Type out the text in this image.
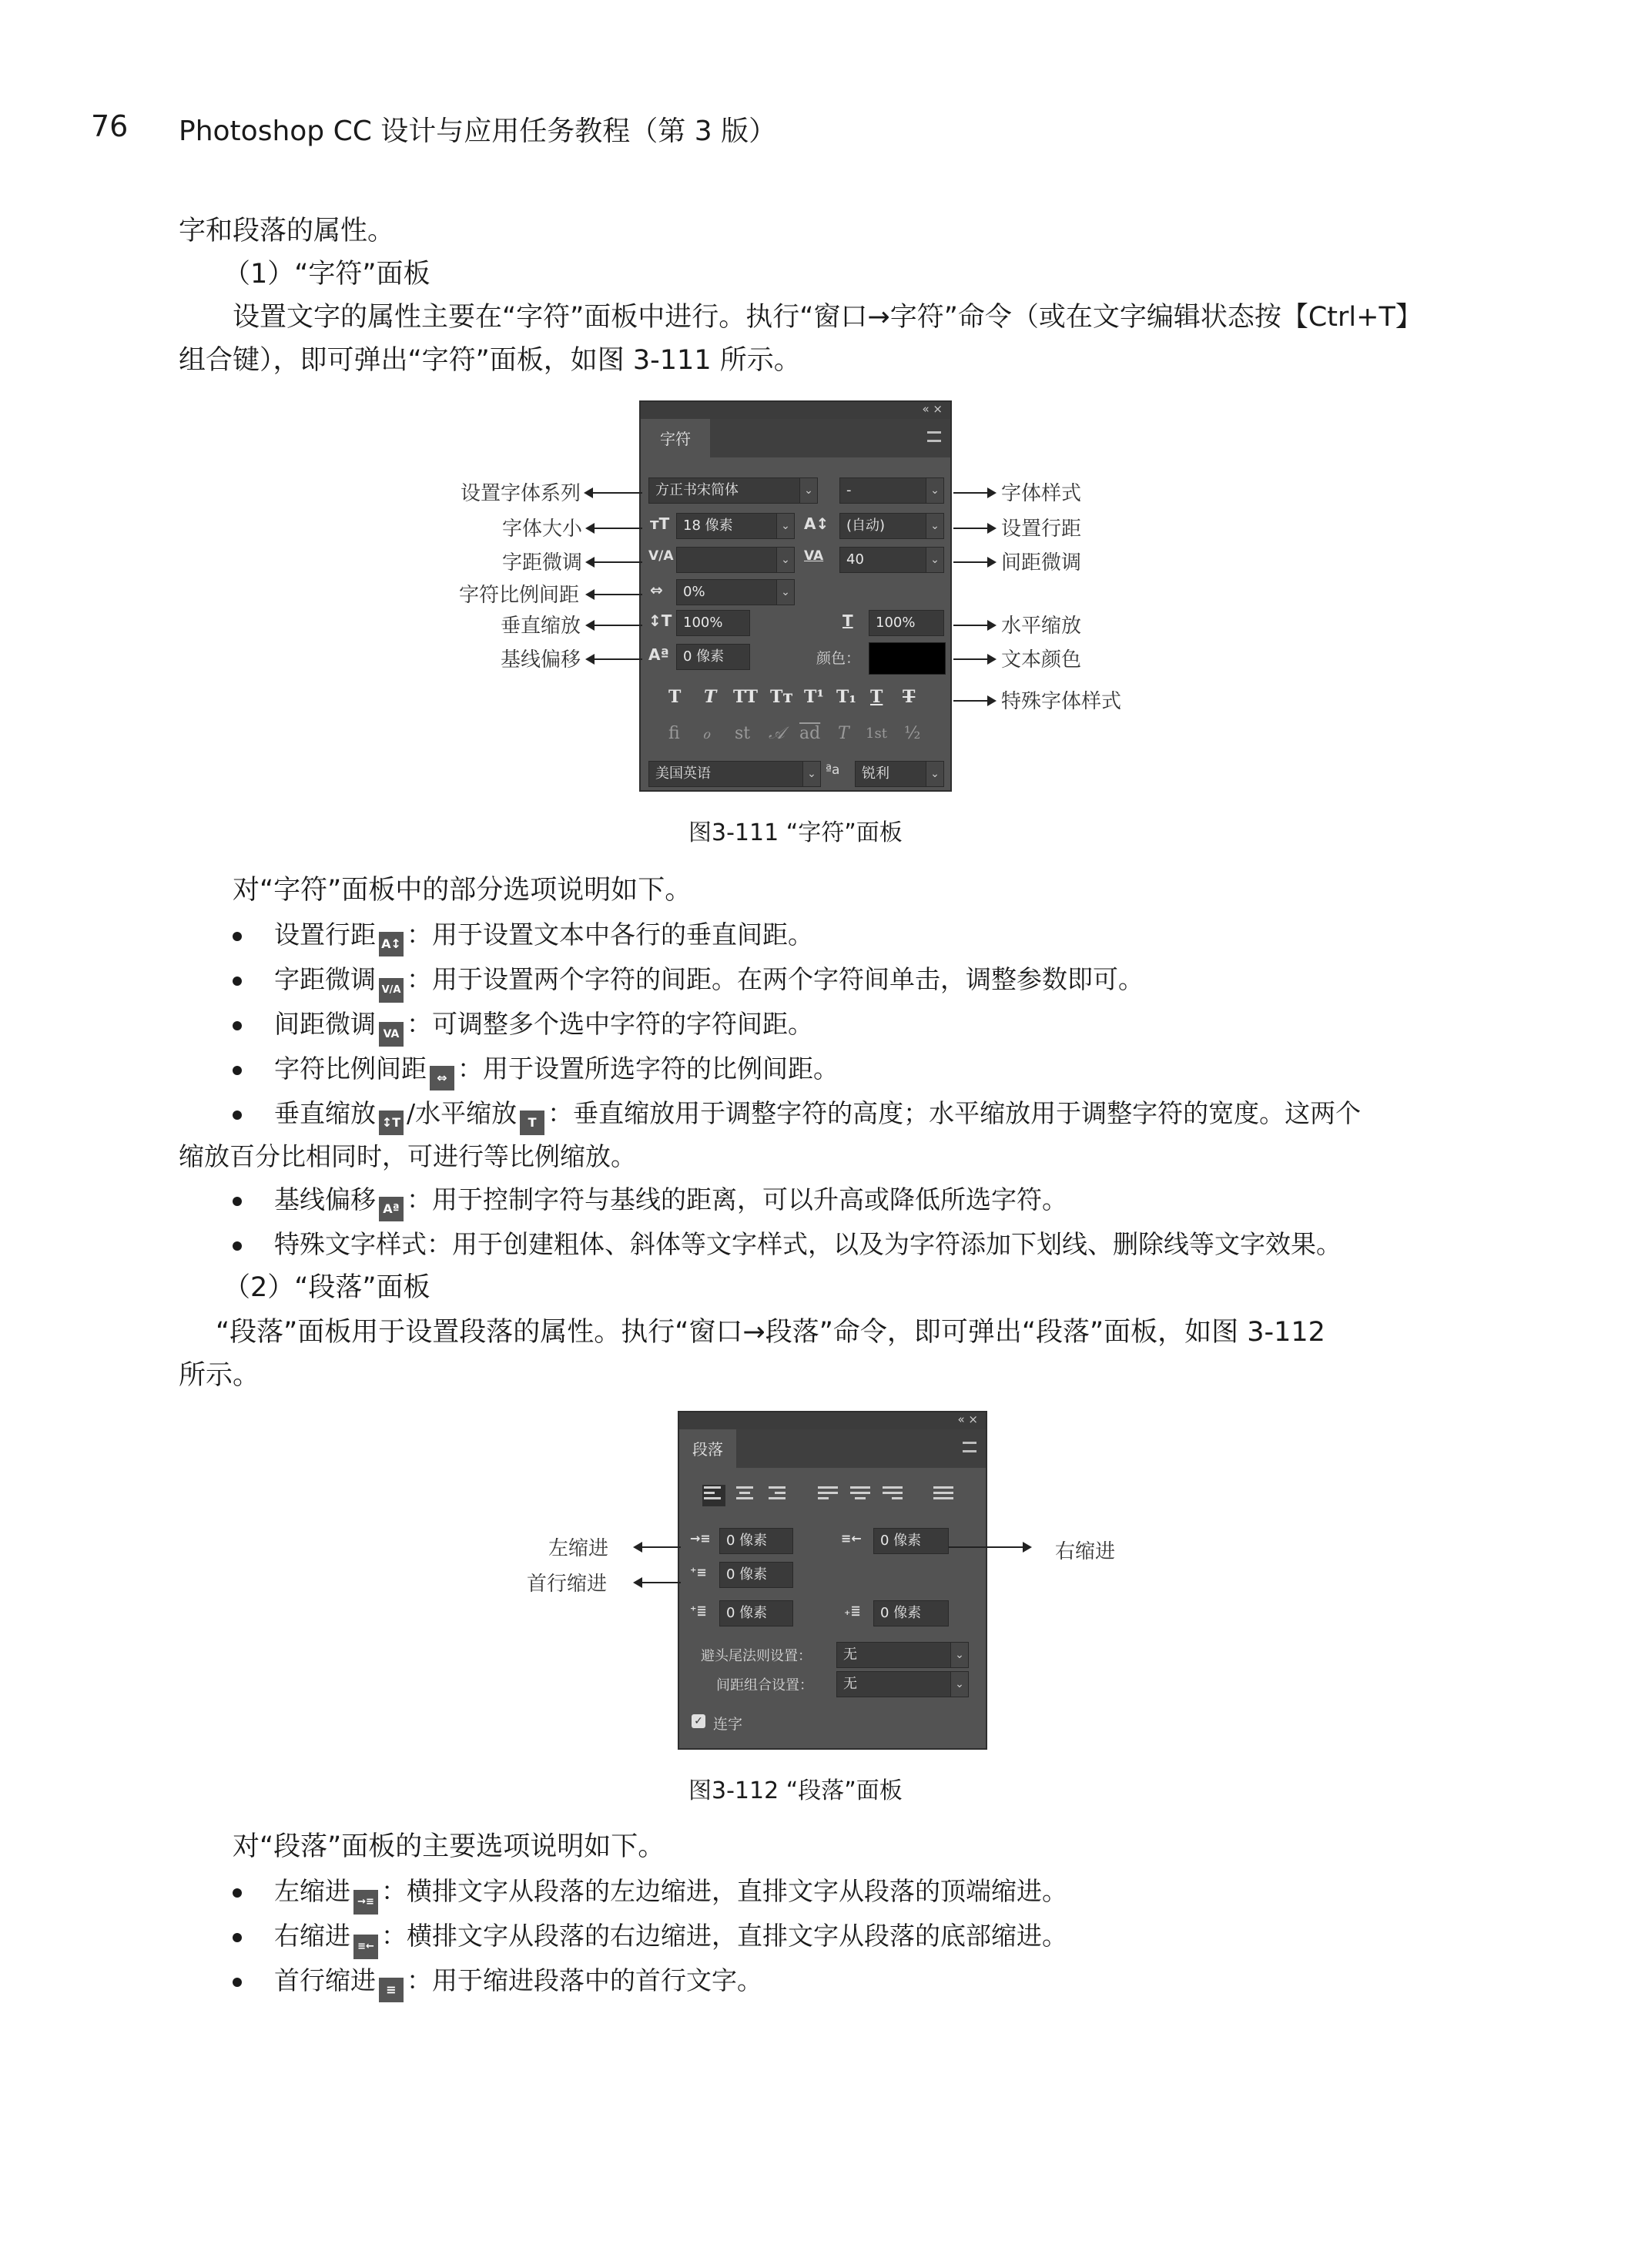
76 Photoshop CC 设计与应用任务教程（第 3 版）
字和段落的属性。
（1）“字符”面板
设置文字的属性主要在“字符”面板中进行。执行“窗口→字符”命令（或在文字编辑状态按【Ctrl+T】
组合键），即可弹出“字符”面板，如图 3-111 所示。
« ×
字符
方正书宋简体	⌄	-	⌄
тT 18 像素	⌄ A↕	(自动)	⌄
V/A	⌄	VA	40	⌄
⇔	0%	⌄
↕T 100%	T	100%
Aª	0 像素	颜色：
T T TT Tт T¹ T₁ T T
ﬁ ℴ st 𝒜 $\overline{ad}$ T 1st ½
美国英语	⌄ ªa	锐利	⌄
设置字体系列
字体大小
字距微调
字符比例间距
垂直缩放
基线偏移
字体样式
设置行距
间距微调
水平缩放
文本颜色
特殊字体样式
图3-111 “字符”面板
对“字符”面板中的部分选项说明如下。
设置行距 A↕ ：用于设置文本中各行的垂直间距。
字距微调 V/A ：用于设置两个字符的间距。在两个字符间单击，调整参数即可。
间距微调 VA ：可调整多个选中字符的字符间距。
字符比例间距 ⇔ ：用于设置所选字符的比例间距。
垂直缩放 ↕T /水平缩放 T ：垂直缩放用于调整字符的高度；水平缩放用于调整字符的宽度。这两个
缩放百分比相同时，可进行等比例缩放。
基线偏移 Aª ：用于控制字符与基线的距离，可以升高或降低所选字符。
特殊文字样式：用于创建粗体、斜体等文字样式，以及为字符添加下划线、删除线等文字效果。
（2）“段落”面板
“段落”面板用于设置段落的属性。执行“窗口→段落”命令，即可弹出“段落”面板，如图 3-112
所示。
« ×
段落
→≡	0 像素	≡←	0 像素
⁺≡	0 像素
⁺≣	0 像素	₊≣	0 像素
避头尾法则设置：	无	⌄
间距组合设置：	无	⌄
✓ 连字
左缩进
首行缩进
右缩进
图3-112 “段落”面板
对“段落”面板的主要选项说明如下。
左缩进 →≡ ：横排文字从段落的左边缩进，直排文字从段落的顶端缩进。
右缩进 ≡← ：横排文字从段落的右边缩进，直排文字从段落的底部缩进。
首行缩进 ≡ ：用于缩进段落中的首行文字。
